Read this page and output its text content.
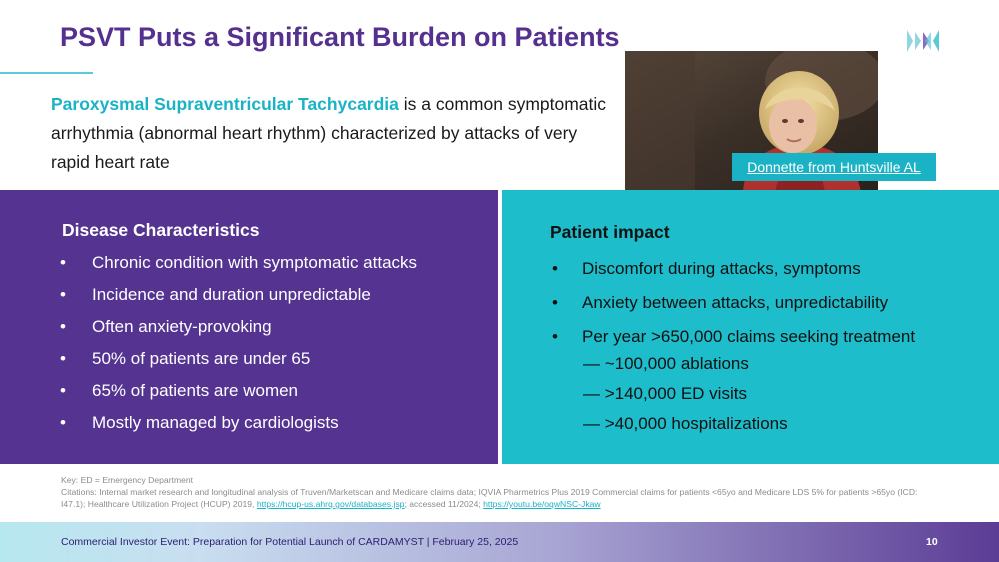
PSVT Puts a Significant Burden on Patients
Paroxysmal Supraventricular Tachycardia is a common symptomatic arrhythmia (abnormal heart rhythm) characterized by attacks of very rapid heart rate	Donnette from Huntsville AL
Disease Characteristics
• Chronic condition with symptomatic attacks
• Incidence and duration unpredictable
• Often anxiety-provoking
• 50% of patients are under 65
• 65% of patients are women
• Mostly managed by cardiologists
Patient impact
• Discomfort during attacks, symptoms
• Anxiety between attacks, unpredictability
• Per year >650,000 claims seeking treatment
— ~100,000 ablations
— >140,000 ED visits
— >40,000 hospitalizations
Key: ED = Emergency Department
Citations: Internal market research and longitudinal analysis of Truven/Marketscan and Medicare claims data; IQVIA Pharmetrics Plus 2019 Commercial claims for patients <65yo and Medicare LDS 5% for patients >65yo (ICD: I47.1); Healthcare Utilization Project (HCUP) 2019, https://hcup-us.ahrq.gov/databases.jsp; accessed 11/2024; https://youtu.be/oqwNSC-Jkaw
Commercial Investor Event: Preparation for Potential Launch of CARDAMYST | February 25, 2025	10
